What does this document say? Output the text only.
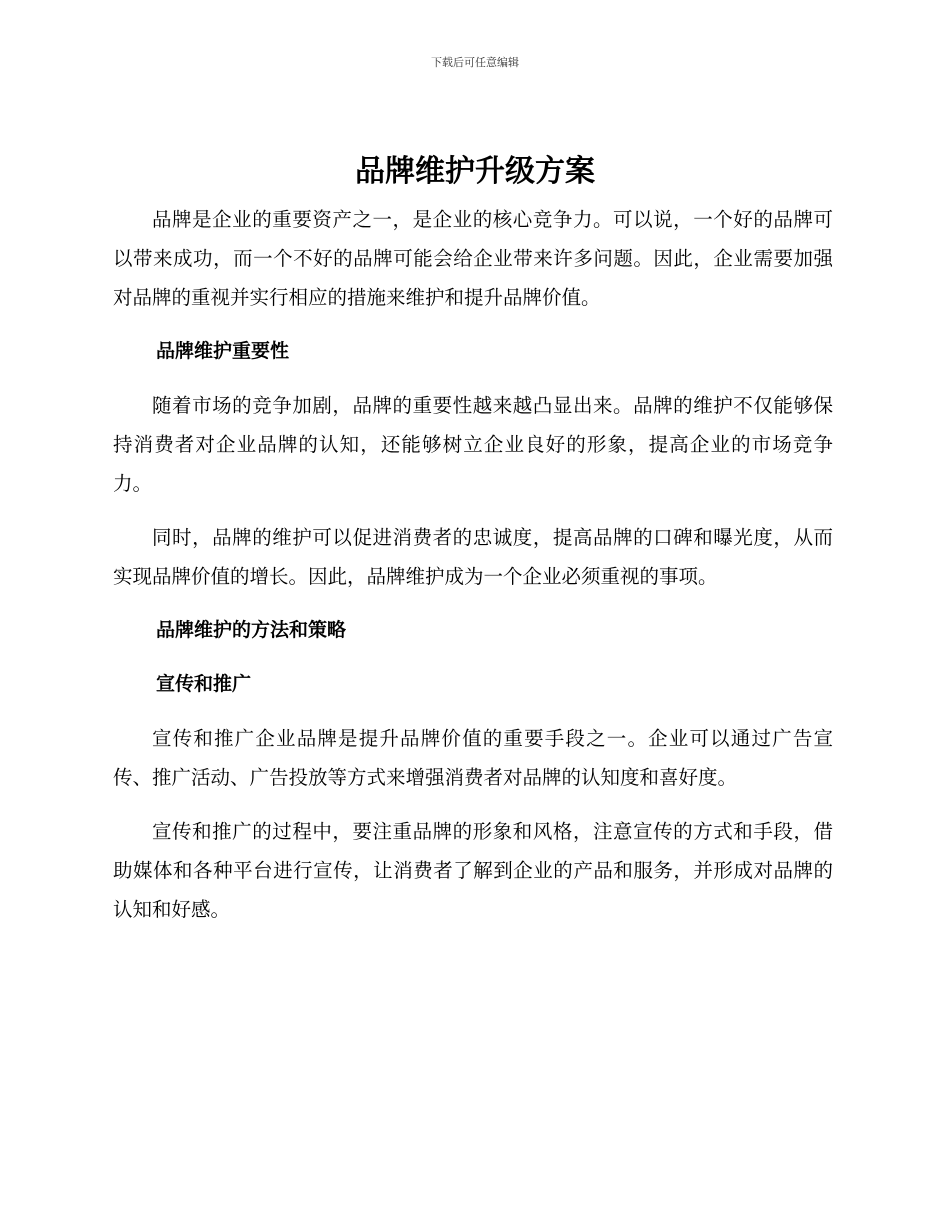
下载后可任意编辑
品牌维护升级方案

品牌是企业的重要资产之一，是企业的核心竞争力。可以说，一个好的品牌可以带来成功，而一个不好的品牌可能会给企业带来许多问题。因此，企业需要加强对品牌的重视并实行相应的措施来维护和提升品牌价值。

品牌维护重要性

随着市场的竞争加剧，品牌的重要性越来越凸显出来。品牌的维护不仅能够保持消费者对企业品牌的认知，还能够树立企业良好的形象，提高企业的市场竞争力。

同时，品牌的维护可以促进消费者的忠诚度，提高品牌的口碑和曝光度，从而实现品牌价值的增长。因此，品牌维护成为一个企业必须重视的事项。

品牌维护的方法和策略

宣传和推广

宣传和推广企业品牌是提升品牌价值的重要手段之一。企业可以通过广告宣传、推广活动、广告投放等方式来增强消费者对品牌的认知度和喜好度。

宣传和推广的过程中，要注重品牌的形象和风格，注意宣传的方式和手段，借助媒体和各种平台进行宣传，让消费者了解到企业的产品和服务，并形成对品牌的认知和好感。
